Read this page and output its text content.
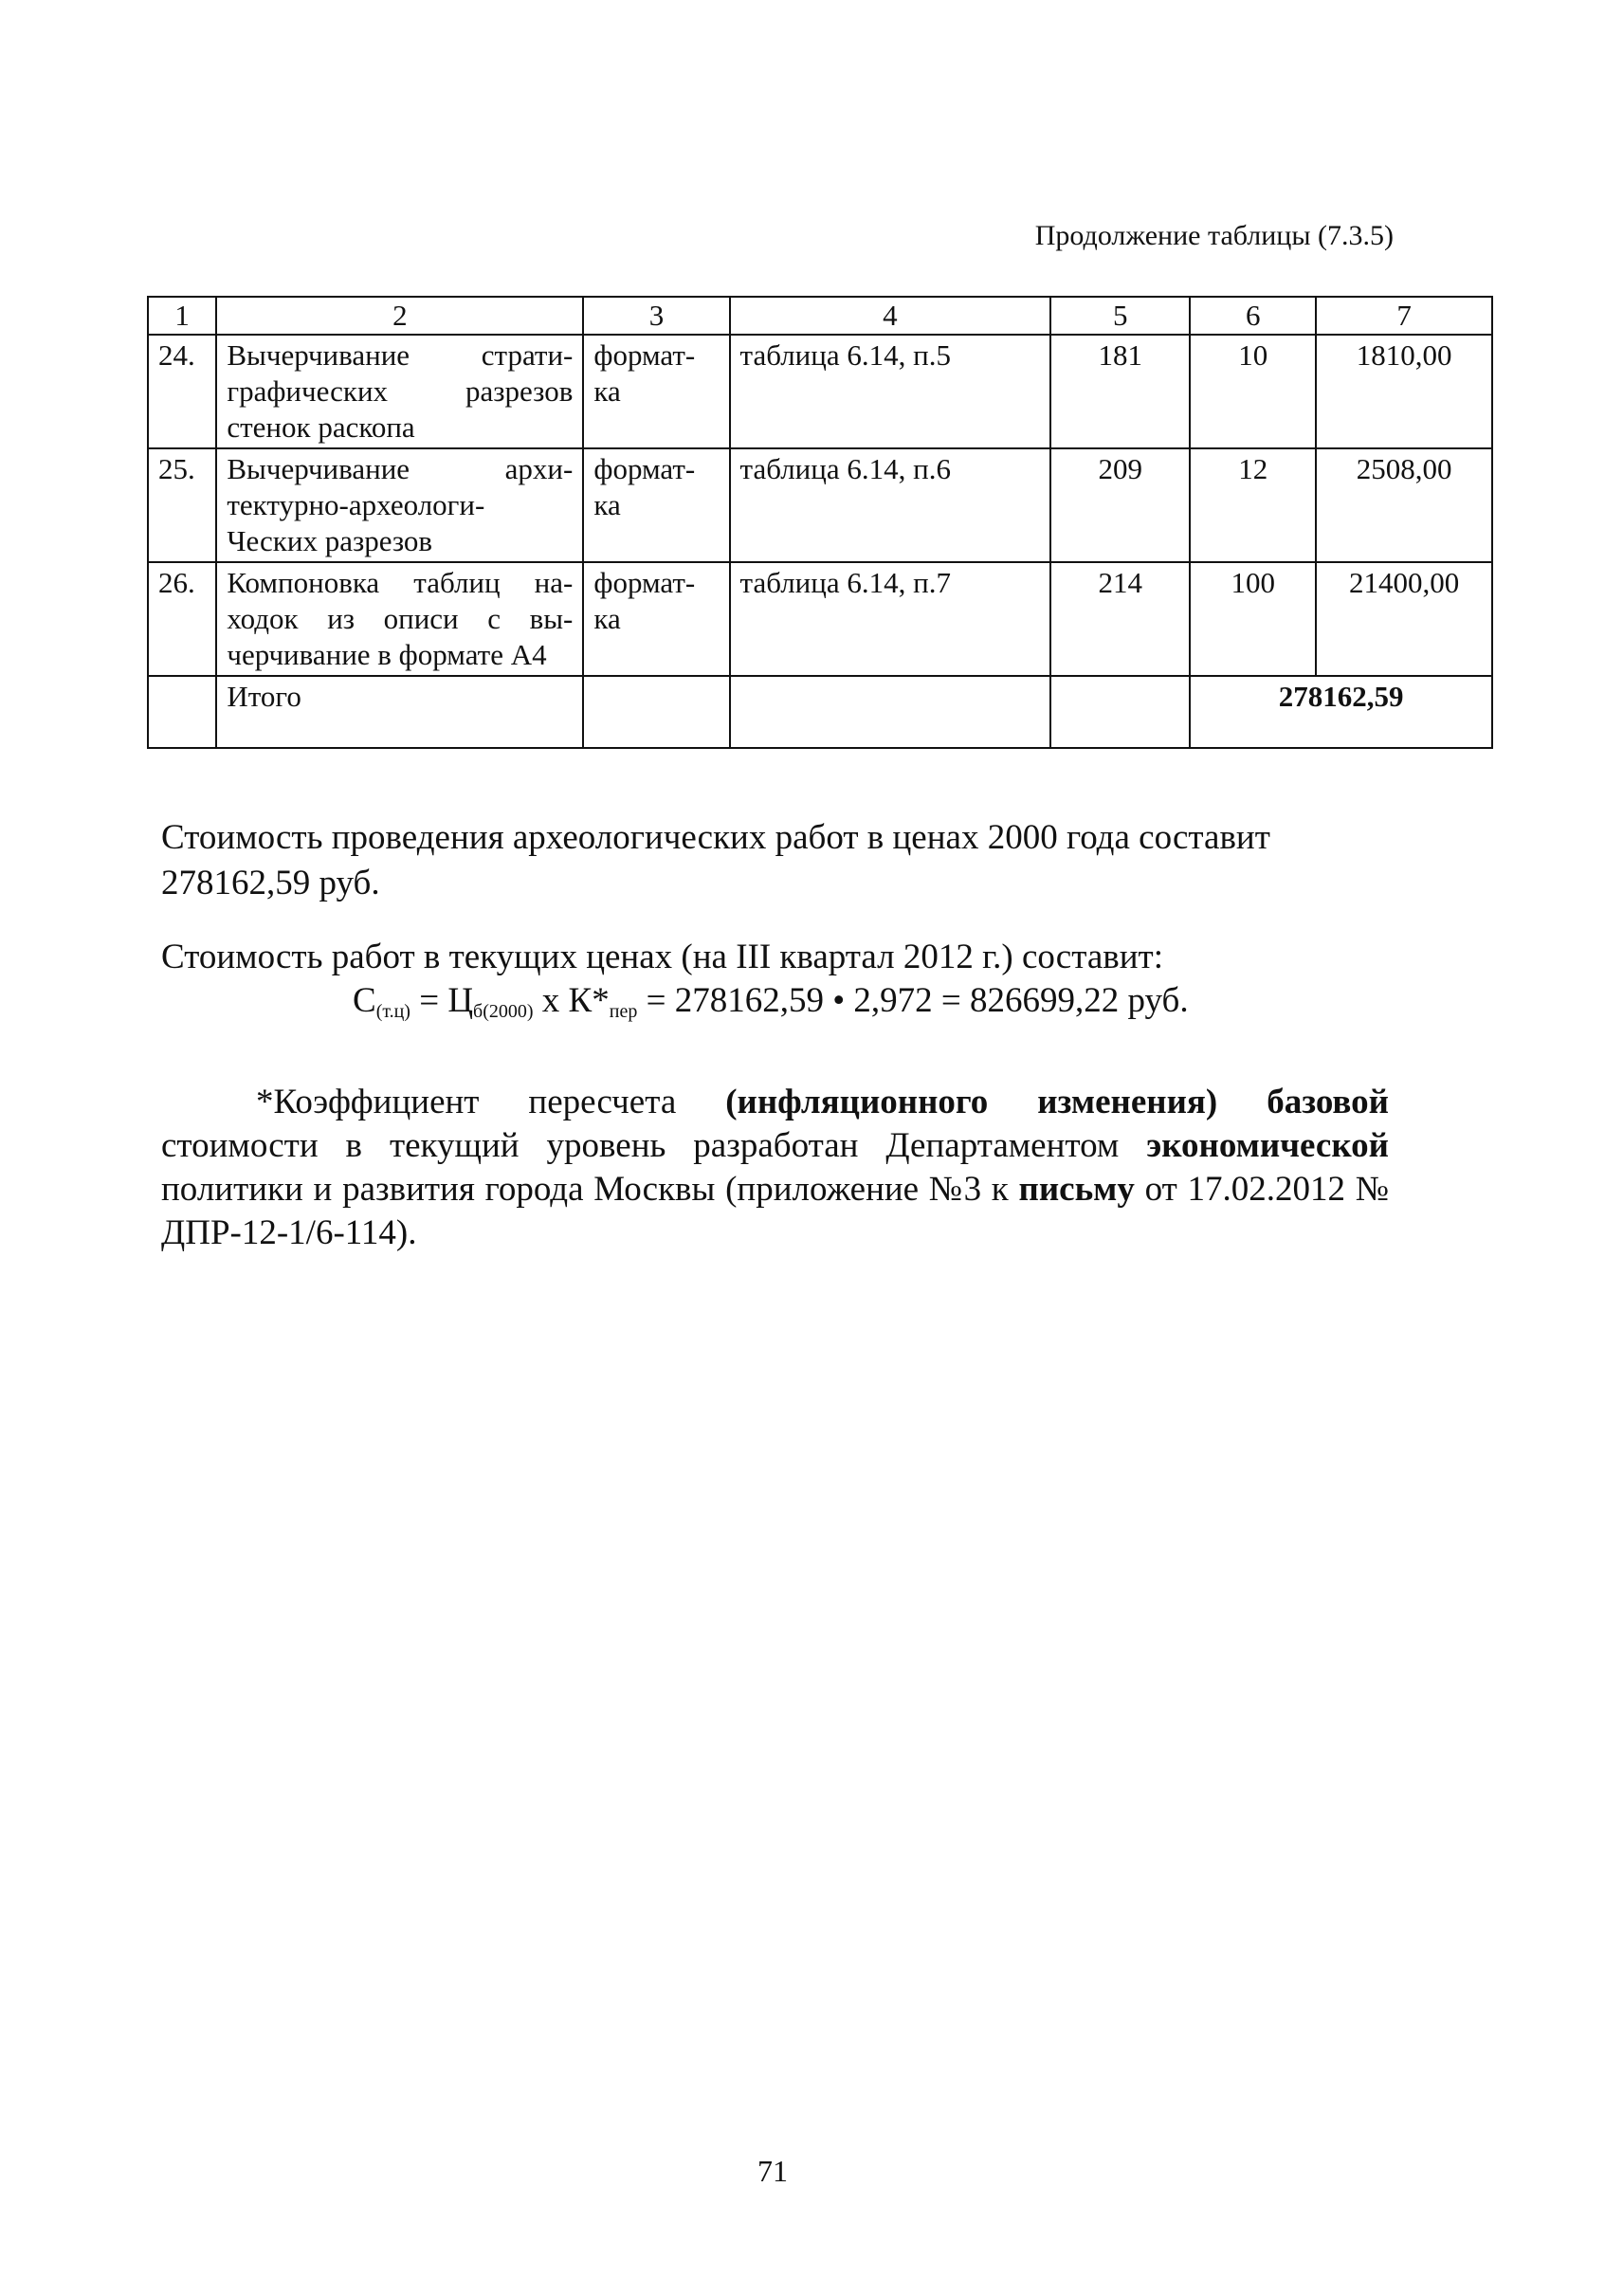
Продолжение таблицы (7.3.5)
1	2	3	4	5	6	7
24.	Вычерчивание страти-графических разрезов стенок раскопа	формат-ка	таблица 6.14, п.5	181	10	1810,00
25.	Вычерчивание архи-тектурно-археологи-Ческих разрезов	формат-ка	таблица 6.14, п.6	209	12	2508,00
26.	Компоновка таблиц на-ходок из описи с вы-черчивание в формате А4	формат-ка	таблица 6.14, п.7	214	100	21400,00
	Итого				278162,59	
Стоимость проведения археологических работ в ценах 2000 года составит 278162,59 руб.
Стоимость работ в текущих ценах (на III квартал 2012 г.) составит:
$С_{(т.ц)} = Ц_{б(2000)}$ х $К*_{пер} = 278162,59$ • 2,972 = 826699,22 руб.
*Коэффициент пересчета (инфляционного изменения) базовой стоимости в текущий уровень разработан Департаментом экономической политики и развития города Москвы (приложение №3 к письму от 17.02.2012 № ДПР-12-1/6-114).
71
